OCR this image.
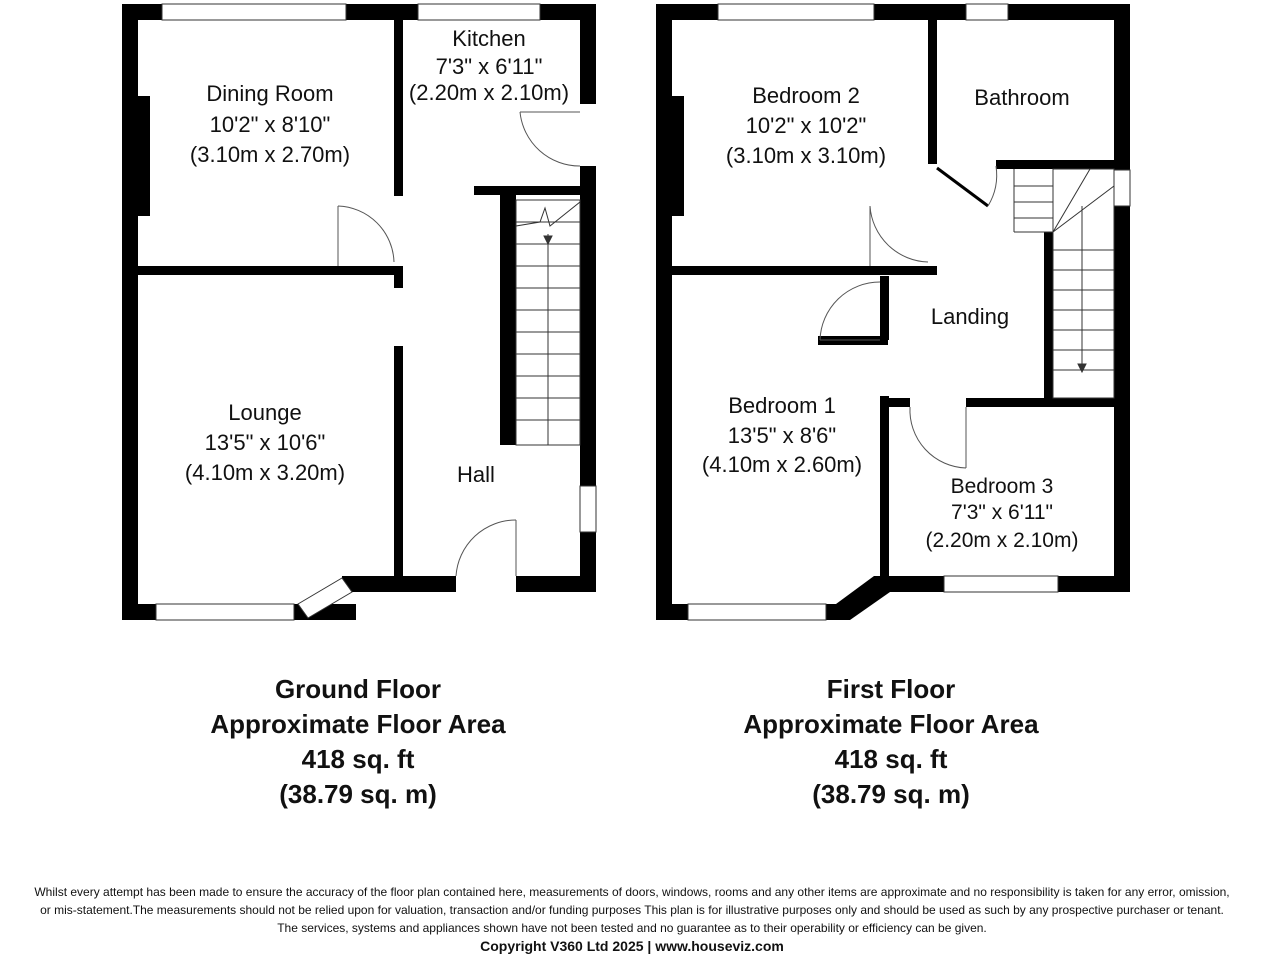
Kitchen
7'3" x 6'11"
(2.20m x 2.10m)
Dining Room
10'2" x 8'10"
(3.10m x 2.70m)
Lounge
13'5" x 10'6"
(4.10m x 3.20m)	Hall
Bedroom 2
10'2" x 10'2"
(3.10m x 3.10m)
Bathroom
Landing
Bedroom 1
13'5" x 8'6"
(4.10m x 2.60m)
Bedroom 3
7'3" x 6'11"
(2.20m x 2.10m)
Ground Floor
Approximate Floor Area
418 sq. ft
(38.79 sq. m)
First Floor
Approximate Floor Area
418 sq. ft
(38.79 sq. m)
Whilst every attempt has been made to ensure the accuracy of the floor plan contained here, measurements of doors, windows, rooms and any other items are approximate and no responsibility is taken for any error, omission,
or mis-statement.The measurements should not be relied upon for valuation, transaction and/or funding purposes This plan is for illustrative purposes only and should be used as such by any prospective purchaser or tenant.
The services, systems and appliances shown have not been tested and no guarantee as to their operability or efficiency can be given.
Copyright V360 Ltd 2025 | www.houseviz.com
